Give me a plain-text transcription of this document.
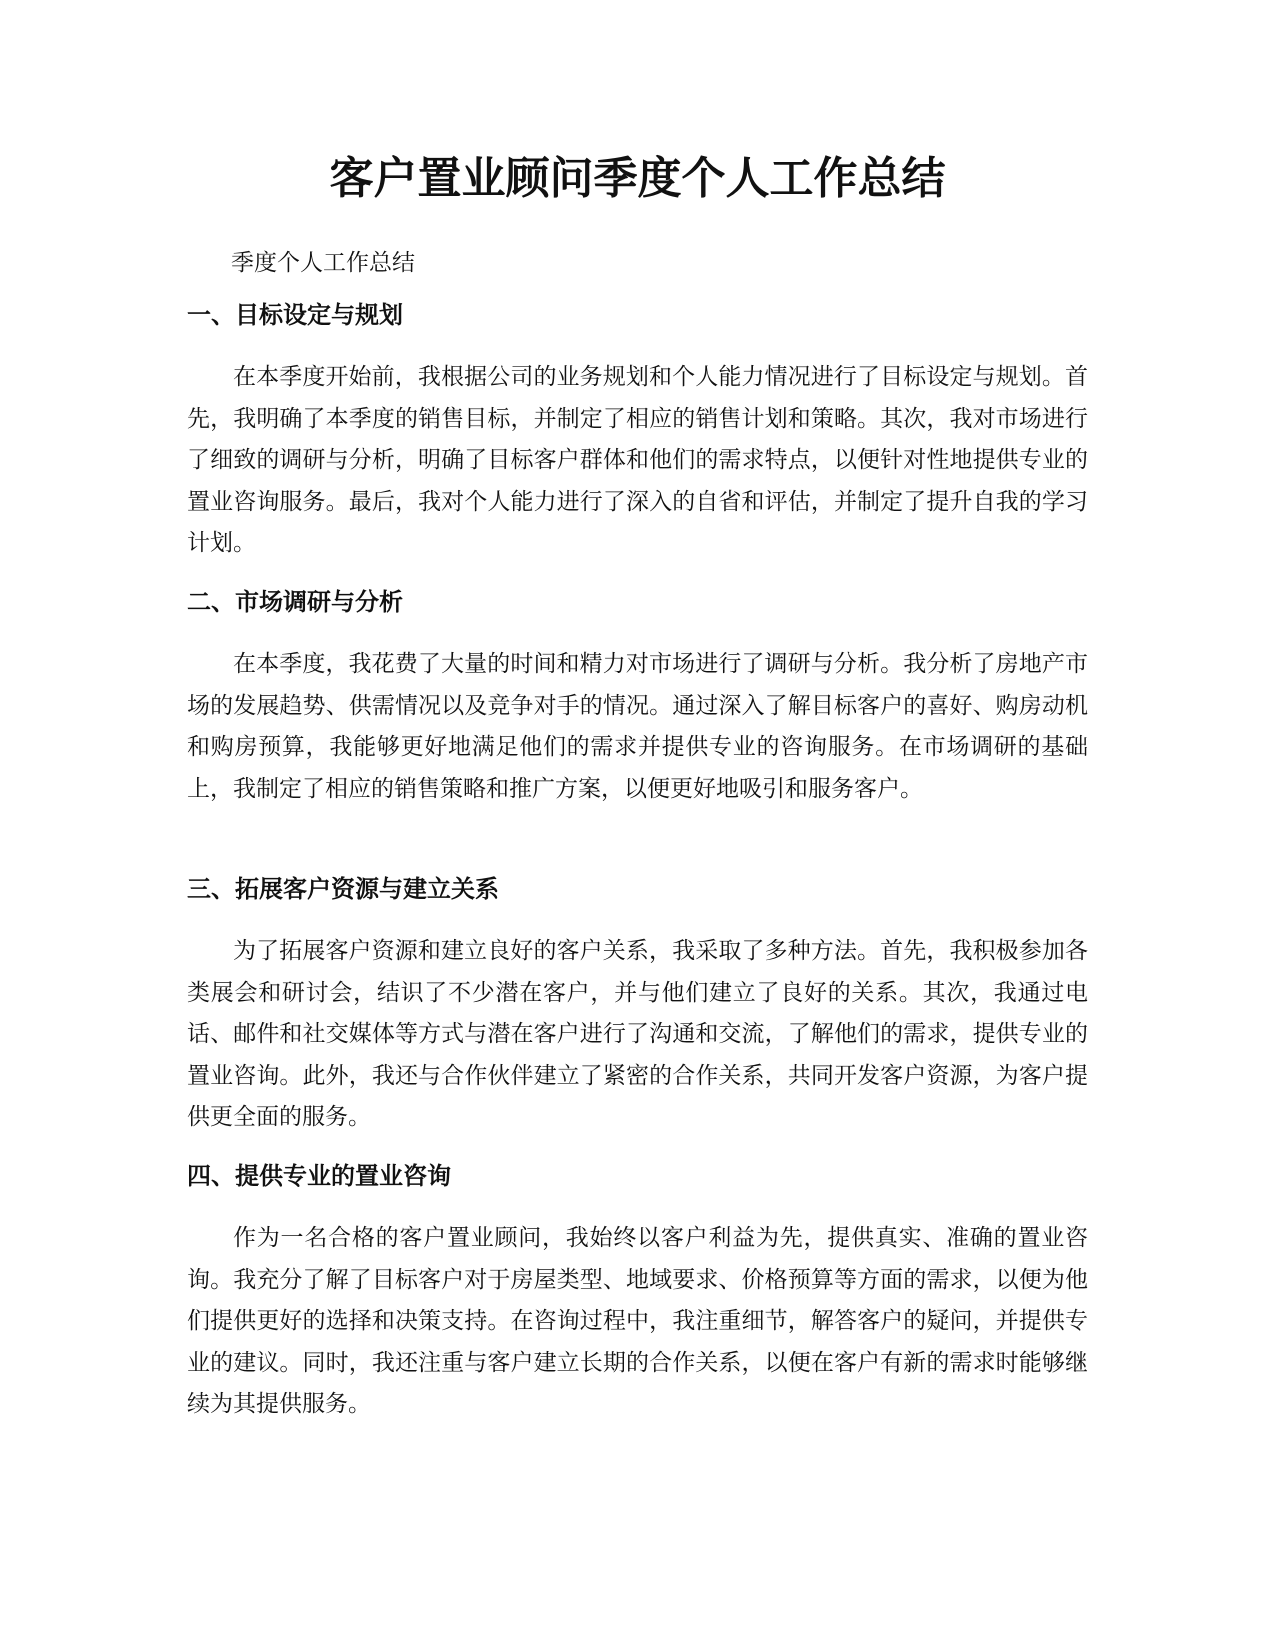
客户置业顾问季度个人工作总结
季度个人工作总结
一、目标设定与规划
在本季度开始前，我根据公司的业务规划和个人能力情况进行了目标设定与规划。首先，我明确了本季度的销售目标，并制定了相应的销售计划和策略。其次，我对市场进行了细致的调研与分析，明确了目标客户群体和他们的需求特点，以便针对性地提供专业的置业咨询服务。最后，我对个人能力进行了深入的自省和评估，并制定了提升自我的学习计划。
二、市场调研与分析
在本季度，我花费了大量的时间和精力对市场进行了调研与分析。我分析了房地产市场的发展趋势、供需情况以及竞争对手的情况。通过深入了解目标客户的喜好、购房动机和购房预算，我能够更好地满足他们的需求并提供专业的咨询服务。在市场调研的基础上，我制定了相应的销售策略和推广方案，以便更好地吸引和服务客户。
三、拓展客户资源与建立关系
为了拓展客户资源和建立良好的客户关系，我采取了多种方法。首先，我积极参加各类展会和研讨会，结识了不少潜在客户，并与他们建立了良好的关系。其次，我通过电话、邮件和社交媒体等方式与潜在客户进行了沟通和交流，了解他们的需求，提供专业的置业咨询。此外，我还与合作伙伴建立了紧密的合作关系，共同开发客户资源，为客户提供更全面的服务。
四、提供专业的置业咨询
作为一名合格的客户置业顾问，我始终以客户利益为先，提供真实、准确的置业咨询。我充分了解了目标客户对于房屋类型、地域要求、价格预算等方面的需求，以便为他们提供更好的选择和决策支持。在咨询过程中，我注重细节，解答客户的疑问，并提供专业的建议。同时，我还注重与客户建立长期的合作关系，以便在客户有新的需求时能够继续为其提供服务。
